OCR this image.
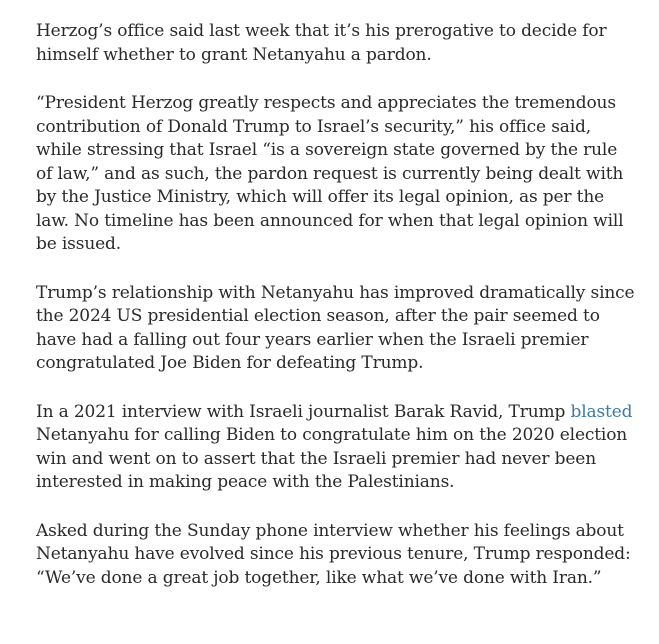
Herzog’s office said last week that it’s his prerogative to decide for himself whether to grant Netanyahu a pardon.

“President Herzog greatly respects and appreciates the tremendous contribution of Donald Trump to Israel’s security,” his office said, while stressing that Israel “is a sovereign state governed by the rule of law,” and as such, the pardon request is currently being dealt with by the Justice Ministry, which will offer its legal opinion, as per the law. No timeline has been announced for when that legal opinion will be issued.

Trump’s relationship with Netanyahu has improved dramatically since the 2024 US presidential election season, after the pair seemed to have had a falling out four years earlier when the Israeli premier congratulated Joe Biden for defeating Trump.

In a 2021 interview with Israeli journalist Barak Ravid, Trump blasted Netanyahu for calling Biden to congratulate him on the 2020 election win and went on to assert that the Israeli premier had never been interested in making peace with the Palestinians.

Asked during the Sunday phone interview whether his feelings about Netanyahu have evolved since his previous tenure, Trump responded: “We’ve done a great job together, like what we’ve done with Iran.”
